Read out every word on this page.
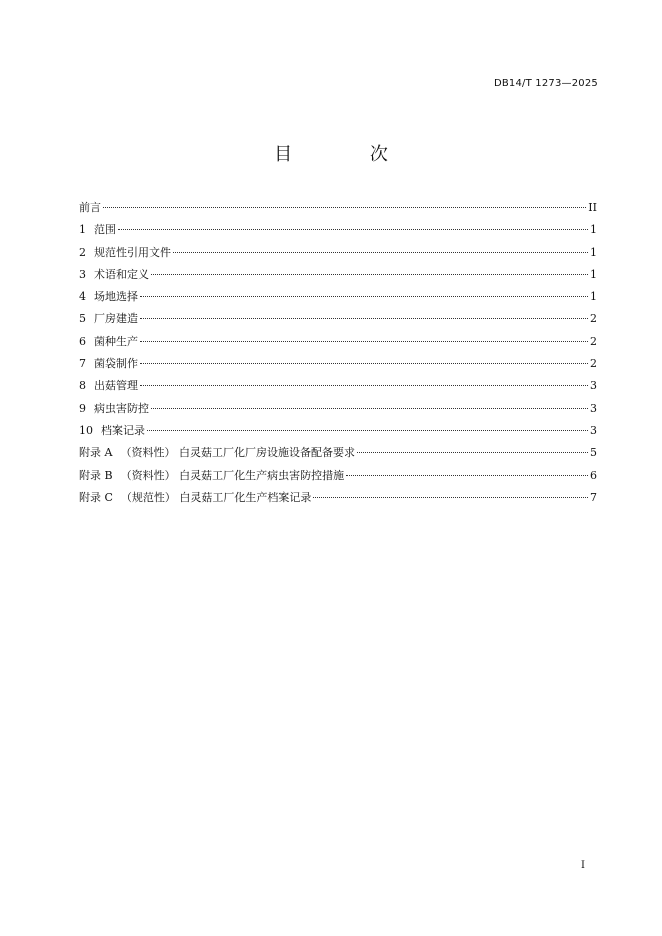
DB14/T 1273—2025
目 次
前言	II
1 范围	1
2 规范性引用文件	1
3 术语和定义	1
4 场地选择	1
5 厂房建造	2
6 菌种生产	2
7 菌袋制作	2
8 出菇管理	3
9 病虫害防控	3
10 档案记录	3
附录 A （资料性） 白灵菇工厂化厂房设施设备配备要求	5
附录 B （资料性） 白灵菇工厂化生产病虫害防控措施	6
附录 C （规范性） 白灵菇工厂化生产档案记录	7
I
